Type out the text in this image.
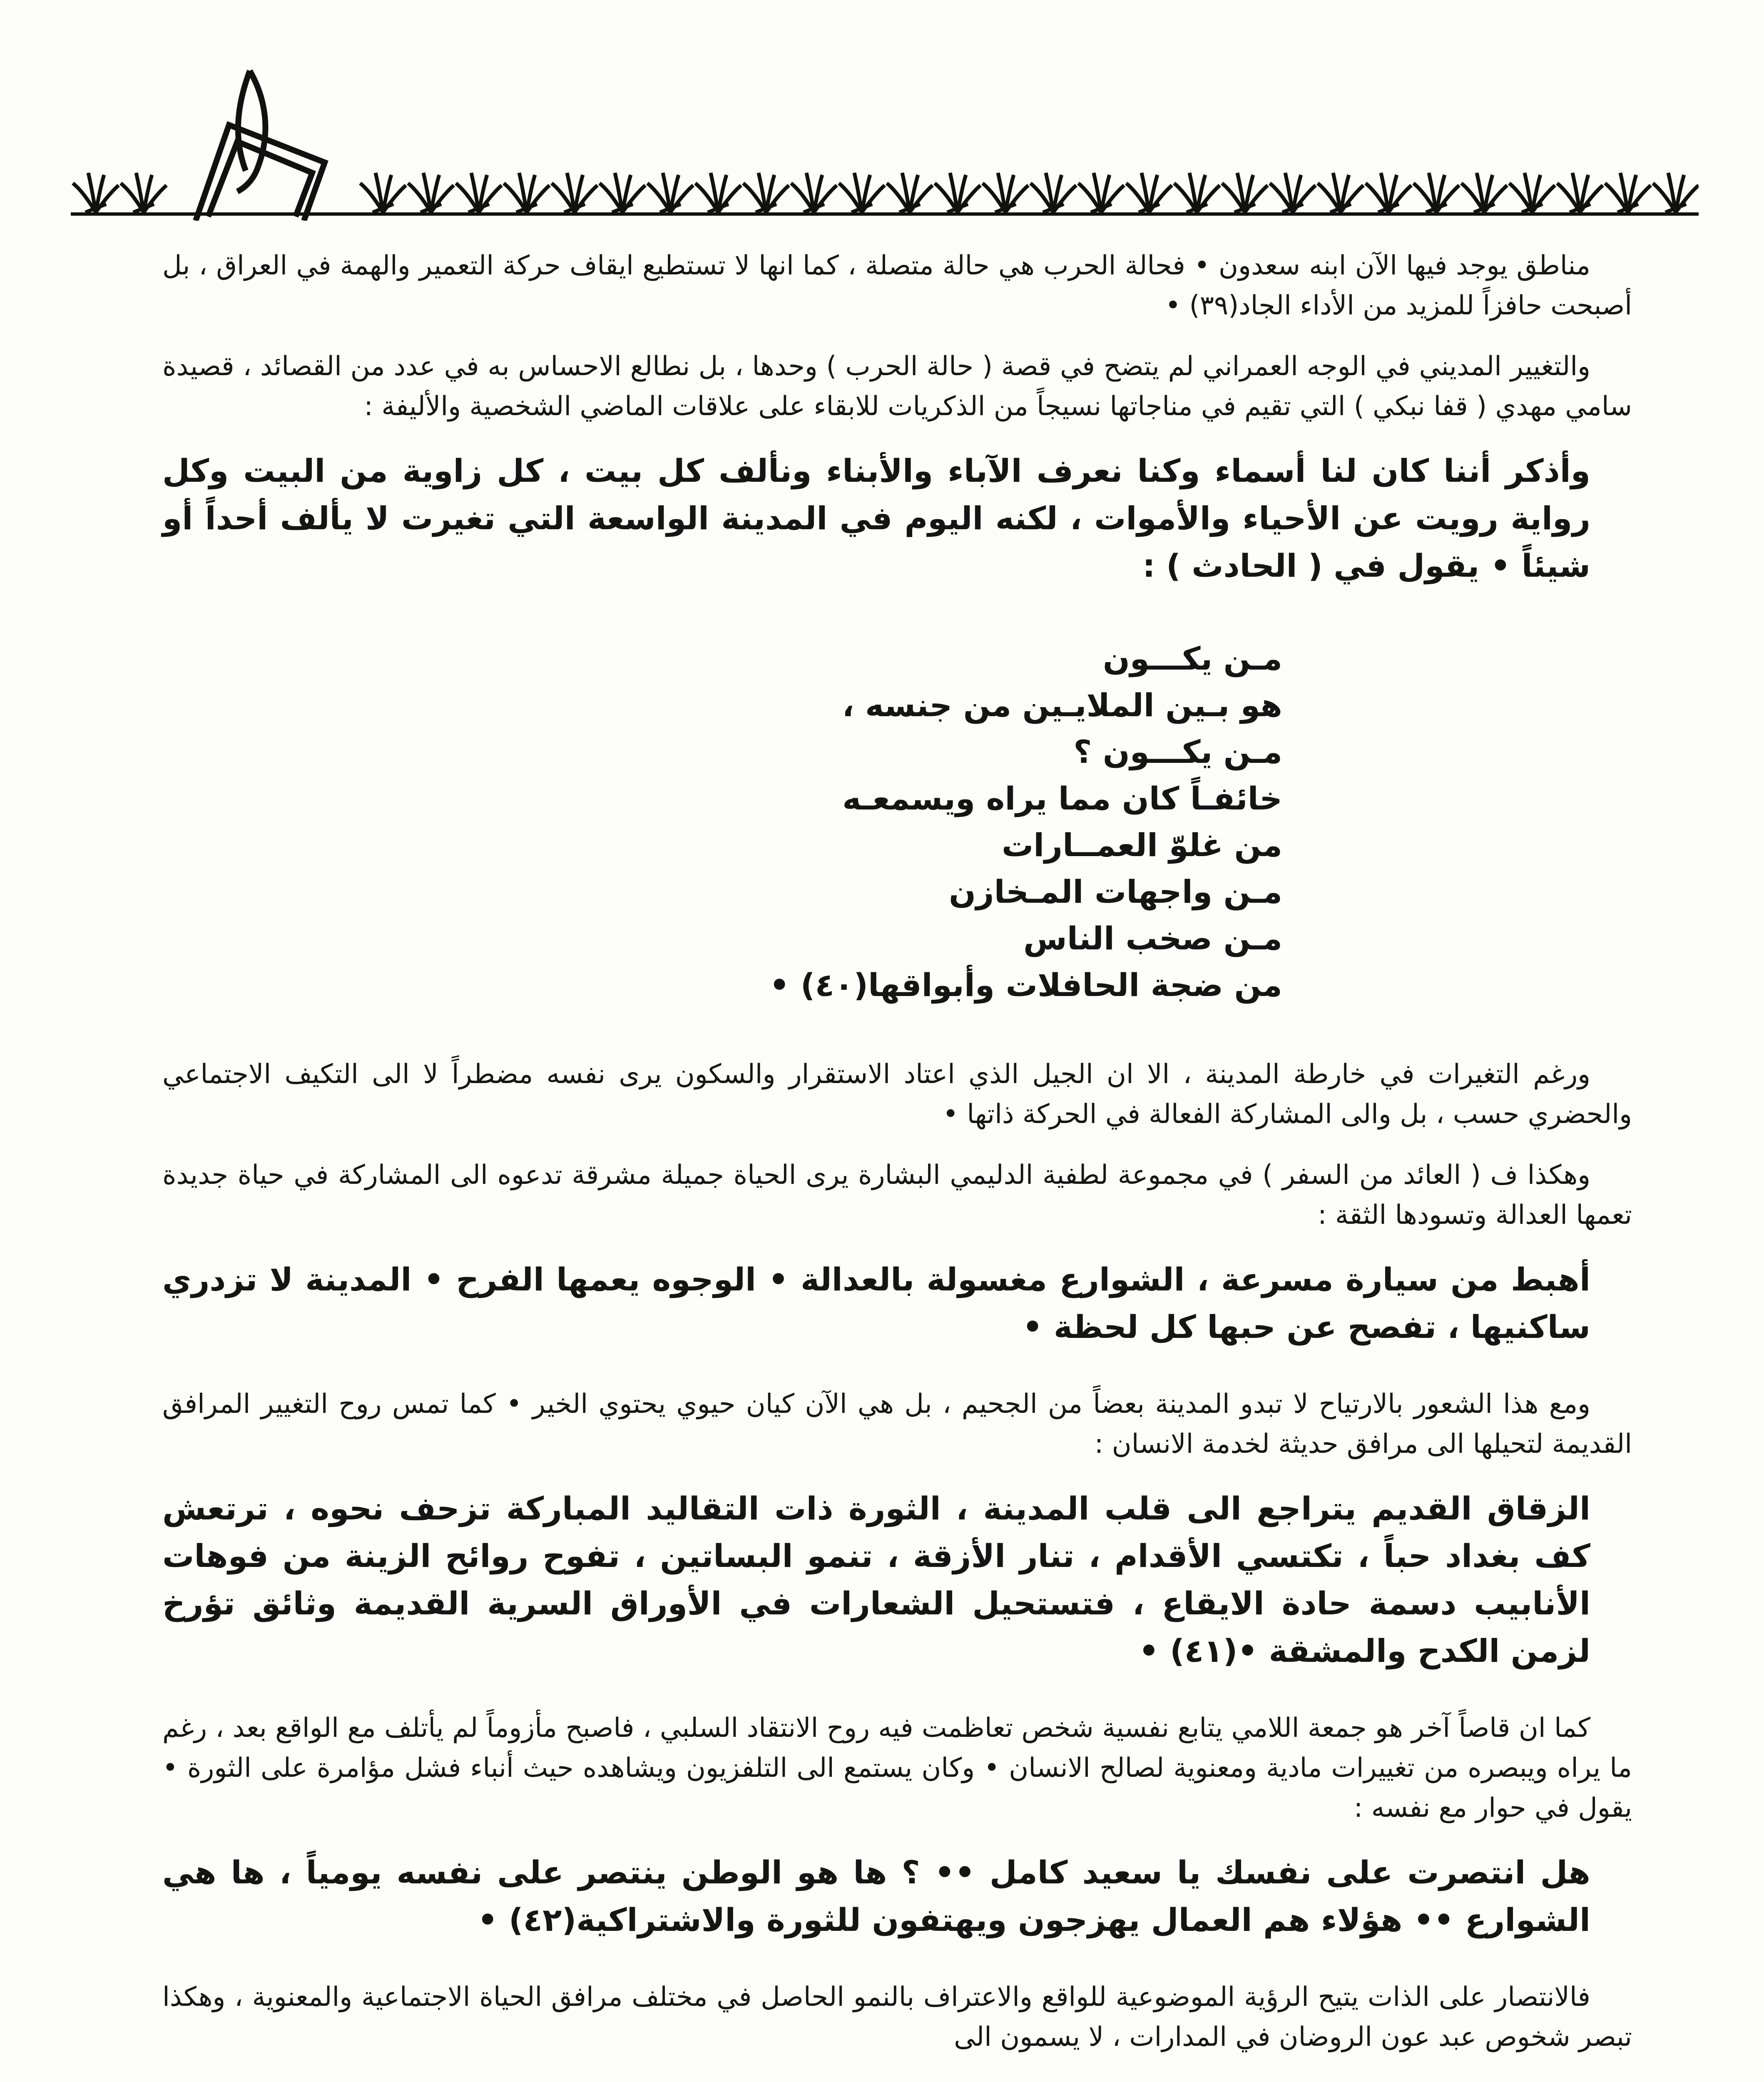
مناطق يوجد فيها الآن ابنه سعدون • فحالة الحرب هي حالة متصلة ، كما انها لا تستطيع ايقاف حركة التعمير والهمة في العراق ، بل أصبحت حافزاً للمزيد من الأداء الجاد(٣٩) •

والتغيير المديني في الوجه العمراني لم يتضح في قصة ( حالة الحرب ) وحدها ، بل نطالع الاحساس به في عدد من القصائد ، قصيدة سامي مهدي ( قفا نبكي ) التي تقيم في مناجاتها نسيجاً من الذكريات للابقاء على علاقات الماضي الشخصية والأليفة :

وأذكر أننا كان لنا أسماء وكنا نعرف الآباء والأبناء ونألف كل بيت ، كل زاوية من البيت وكل رواية رويت عن الأحياء والأموات ، لكنه اليوم في المدينة الواسعة التي تغيرت لا يألف أحداً أو شيئاً • يقول في ( الحادث ) :

مـن يكـــون
هو بـين الملايـين من جنسه ،
مـن يكـــون ؟
خائفـاً كان مما يراه ويسمعـه
من غلوّ العمــارات
مـن واجهات المـخازن
مـن صخب الناس
من ضجة الحافلات وأبواقها(٤٠) •

ورغم التغيرات في خارطة المدينة ، الا ان الجيل الذي اعتاد الاستقرار والسكون يرى نفسه مضطراً لا الى التكيف الاجتماعي والحضري حسب ، بل والى المشاركة الفعالة في الحركة ذاتها •

وهكذا ف ( العائد من السفر ) في مجموعة لطفية الدليمي البشارة يرى الحياة جميلة مشرقة تدعوه الى المشاركة في حياة جديدة تعمها العدالة وتسودها الثقة :

أهبط من سيارة مسرعة ، الشوارع مغسولة بالعدالة • الوجوه يعمها الفرح • المدينة لا تزدري ساكنيها ، تفصح عن حبها كل لحظة •

ومع هذا الشعور بالارتياح لا تبدو المدينة بعضاً من الجحيم ، بل هي الآن كيان حيوي يحتوي الخير • كما تمس روح التغيير المرافق القديمة لتحيلها الى مرافق حديثة لخدمة الانسان :

الزقاق القديم يتراجع الى قلب المدينة ، الثورة ذات التقاليد المباركة تزحف نحوه ، ترتعش كف بغداد حباً ، تكتسي الأقدام ، تنار الأزقة ، تنمو البساتين ، تفوح روائح الزينة من فوهات الأنابيب دسمة حادة الايقاع ، فتستحيل الشعارات في الأوراق السرية القديمة وثائق تؤرخ لزمن الكدح والمشقة •(٤١) •

كما ان قاصاً آخر هو جمعة اللامي يتابع نفسية شخص تعاظمت فيه روح الانتقاد السلبي ، فاصبح مأزوماً لم يأتلف مع الواقع بعد ، رغم ما يراه ويبصره من تغييرات مادية ومعنوية لصالح الانسان • وكان يستمع الى التلفزيون ويشاهده حيث أنباء فشل مؤامرة على الثورة • يقول في حوار مع نفسه :

هل انتصرت على نفسك يا سعيد كامل •• ؟ ها هو الوطن ينتصر على نفسه يومياً ، ها هي الشوارع •• هؤلاء هم العمال يهزجون ويهتفون للثورة والاشتراكية(٤٢) •

فالانتصار على الذات يتيح الرؤية الموضوعية للواقع والاعتراف بالنمو الحاصل في مختلف مرافق الحياة الاجتماعية والمعنوية ، وهكذا تبصر شخوص عبد عون الروضان في المدارات ، لا يسمون الى
